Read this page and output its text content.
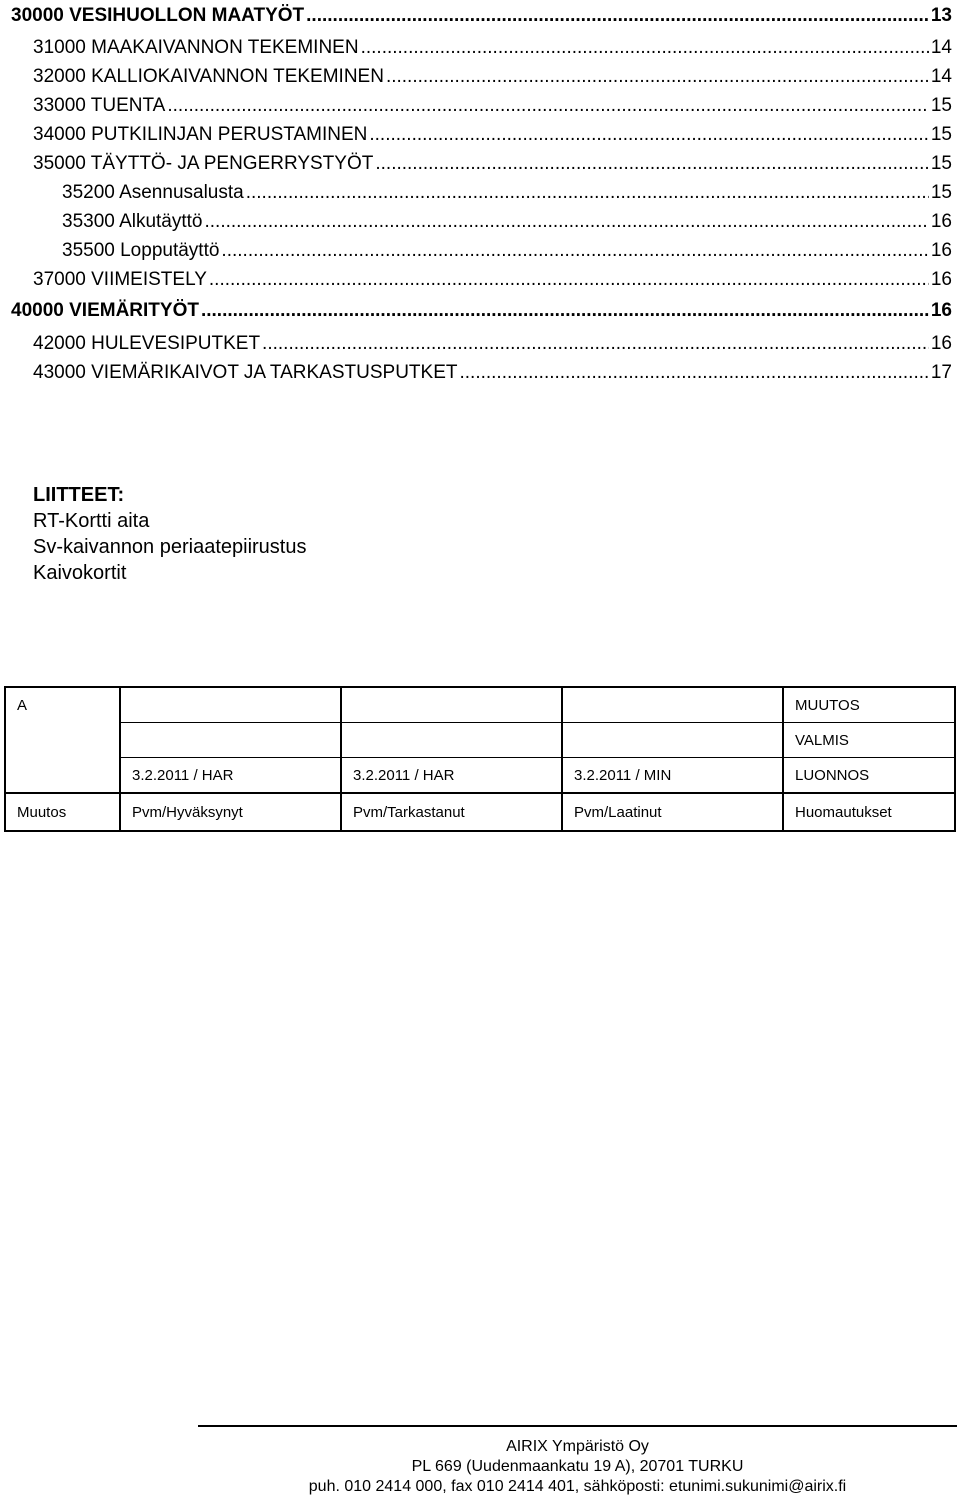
30000 VESIHUOLLON MAATYÖT .....	13
31000 MAAKAIVANNON TEKEMINEN .....	14
32000 KALLIOKAIVANNON TEKEMINEN .....	14
33000 TUENTA .....	15
34000 PUTKILINJAN PERUSTAMINEN .....	15
35000 TÄYTTÖ- JA PENGERRYSTYÖT .....	15
35200 Asennusalusta .....	15
35300 Alkutäyttö .....	16
35500 Lopputäyttö .....	16
37000 VIIMEISTELY .....	16
40000 VIEMÄRITYÖT .....	16
42000 HULEVESIPUTKET .....	16
43000 VIEMÄRIKAIVOT JA TARKASTUSPUTKET .....	17
LIITTEET:
RT-Kortti aita
Sv-kaivannon periaatepiirustus
Kaivokortit
A				MUUTOS
				VALMIS
	3.2.2011 / HAR	3.2.2011 / HAR	3.2.2011 / MIN	LUONNOS
Muutos	Pvm/Hyväksynyt	Pvm/Tarkastanut	Pvm/Laatinut	Huomautukset
AIRIX Ympäristö Oy
PL 669 (Uudenmaankatu 19 A), 20701 TURKU
puh. 010 2414 000, fax 010 2414 401, sähköposti: etunimi.sukunimi@airix.fi
